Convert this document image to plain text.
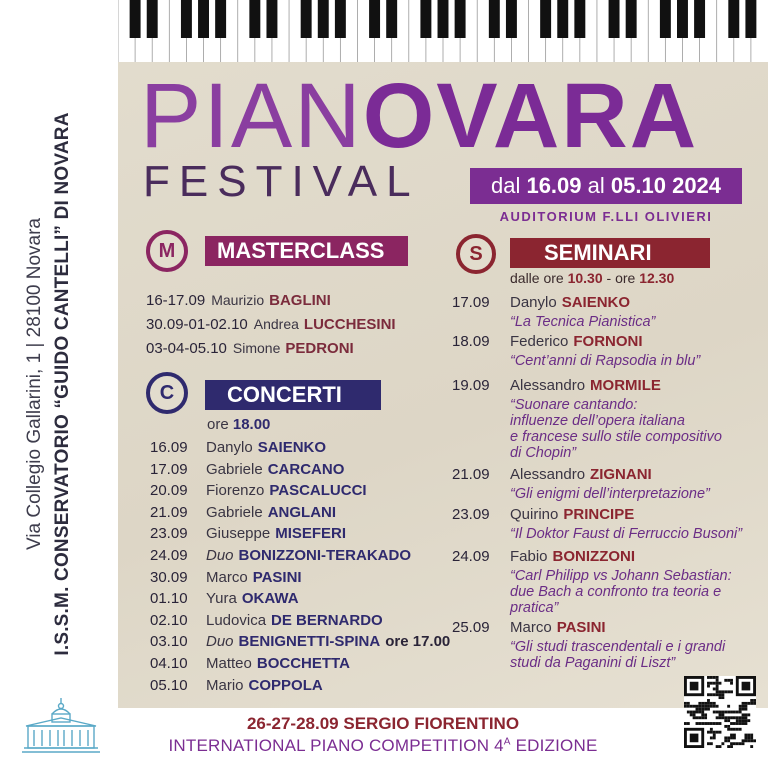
I.S.S.M. CONSERVATORIO “GUIDO CANTELLI” DI NOVARA
Via Collegio Gallarini, 1 | 28100 Novara
PIANOVARA
FESTIVAL	dal 16.09 al 05.10 2024
AUDITORIUM F.LLI OLIVIERI
M	MASTERCLASS
16-17.09 Maurizio BAGLINI
30.09-01-02.10 Andrea LUCCHESINI
03-04-05.10 Simone PEDRONI
C	CONCERTI
ore 18.00
16.09 Danylo SAIENKO
17.09 Gabriele CARCANO
20.09 Fiorenzo PASCALUCCI
21.09 Gabriele ANGLANI
23.09 Giuseppe MISEFERI
24.09 Duo BONIZZONI-TERAKADO
30.09 Marco PASINI
01.10 Yura OKAWA
02.10 Ludovica DE BERNARDO
03.10 Duo BENIGNETTI-SPINA ore 17.00
04.10 Matteo BOCCHETTA
05.10 Mario COPPOLA
S	SEMINARI
dalle ore 10.30 - ore 12.30
17.09	Danylo SAIENKO
“La Tecnica Pianistica”
18.09	Federico FORNONI
“Cent’anni di Rapsodia in blu”
19.09	Alessandro MORMILE
“Suonare cantando:
influenze dell’opera italiana
e francese sullo stile compositivo
di Chopin”
21.09	Alessandro ZIGNANI
“Gli enigmi dell’interpretazione”
23.09	Quirino PRINCIPE
“Il Doktor Faust di Ferruccio Busoni”
24.09	Fabio BONIZZONI
“Carl Philipp vs Johann Sebastian:
due Bach a confronto tra teoria e
pratica”
25.09	Marco PASINI
“Gli studi trascendentali e i grandi
studi da Paganini di Liszt”
26-27-28.09 SERGIO FIORENTINO
INTERNATIONAL PIANO COMPETITION $4^A$ EDIZIONE
